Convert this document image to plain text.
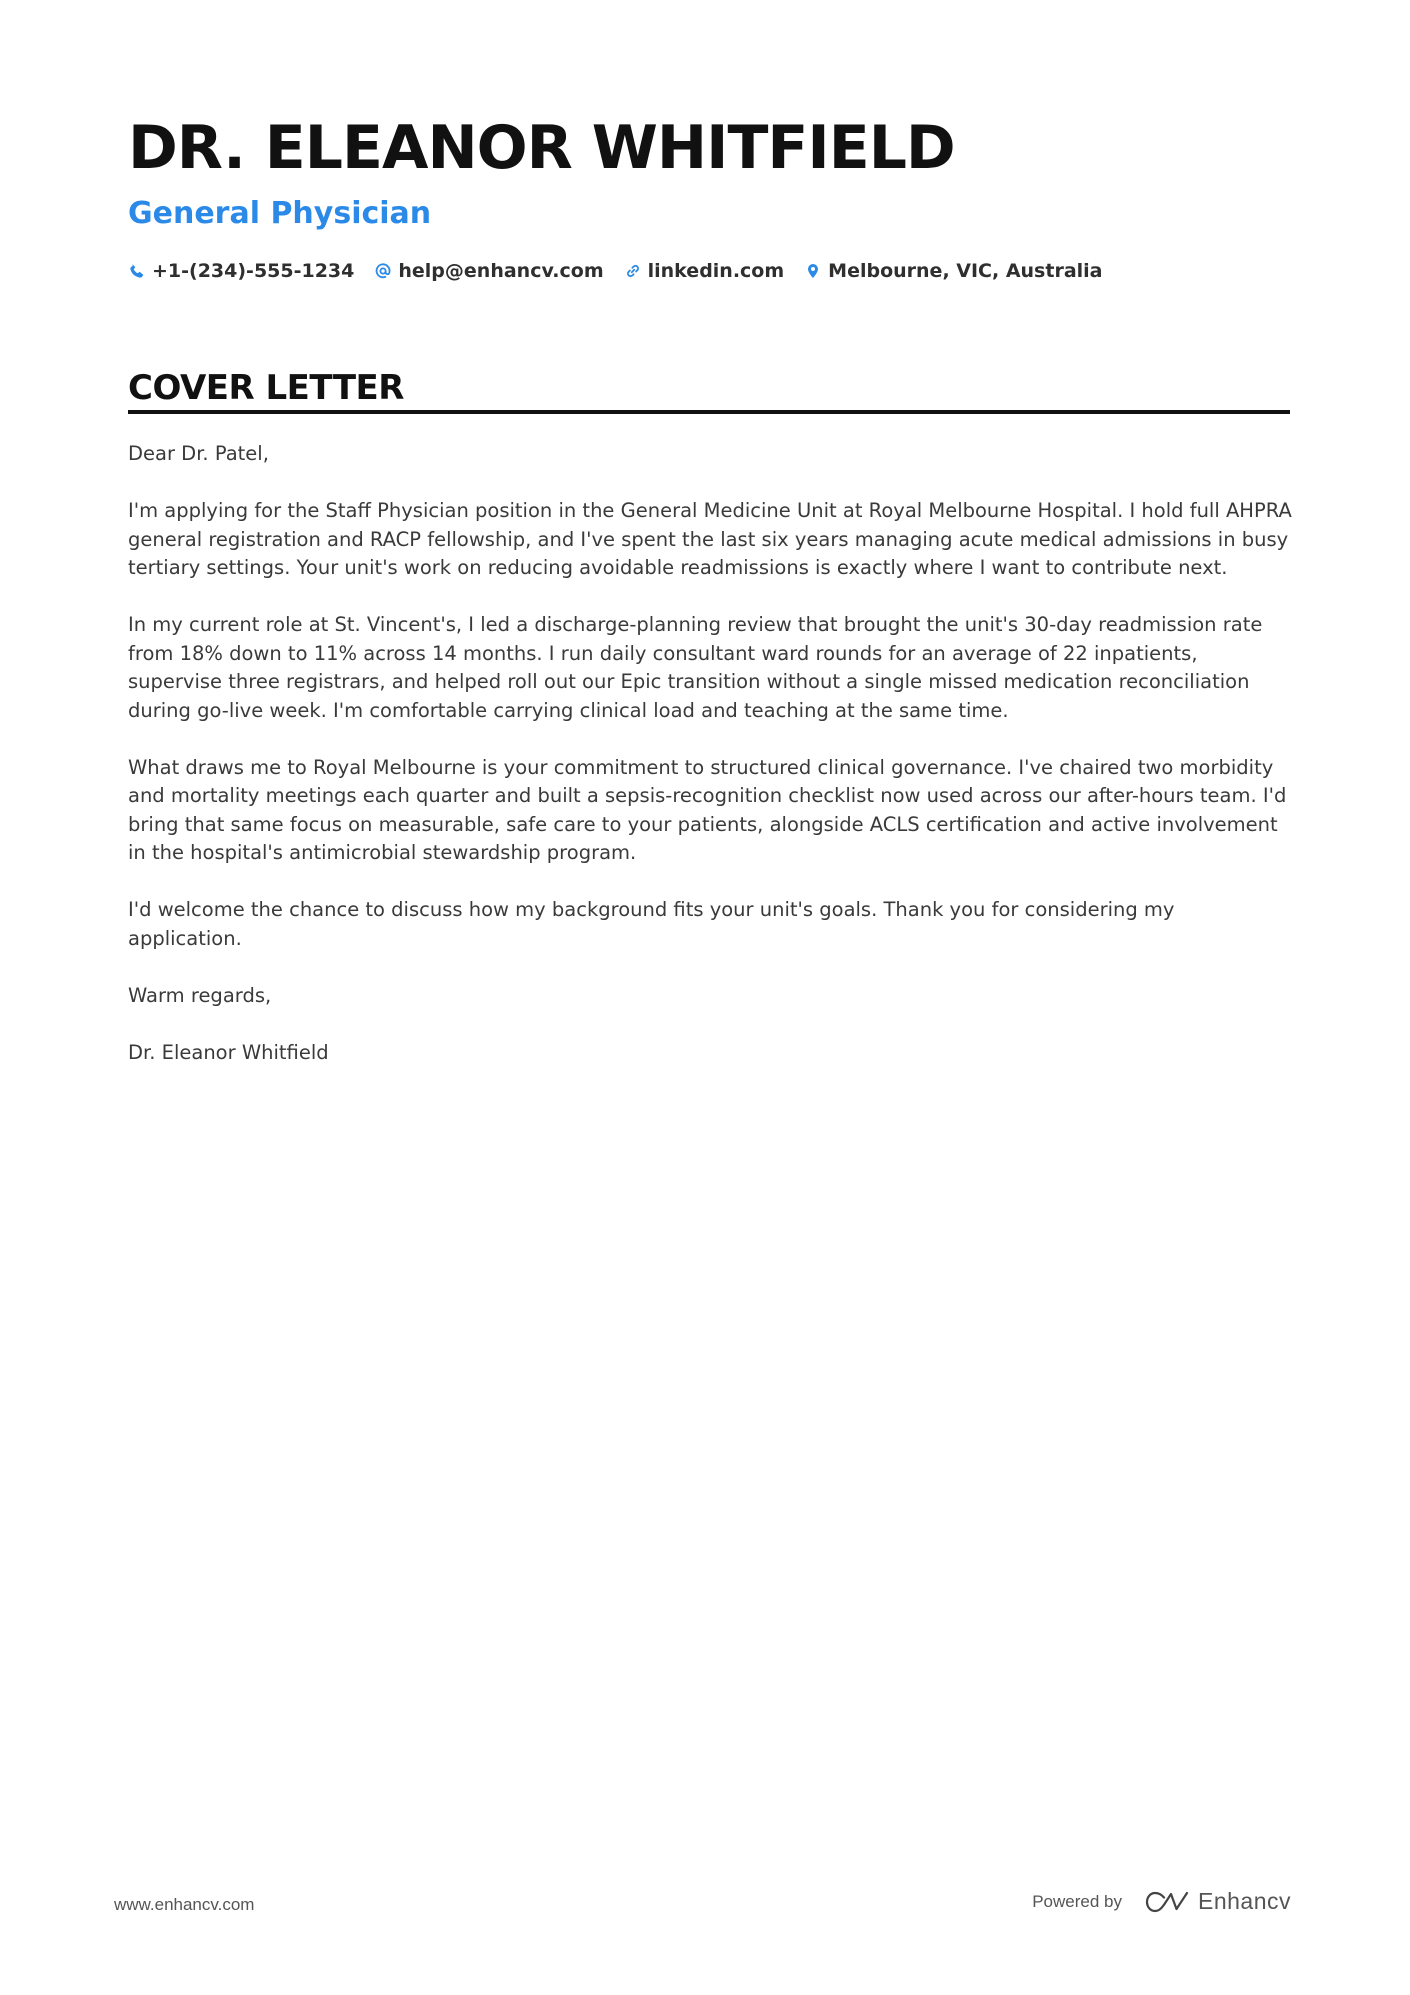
DR. ELEANOR WHITFIELD
General Physician
+1-(234)-555-1234 help@enhancv.com linkedin.com Melbourne, VIC, Australia
COVER LETTER

Dear Dr. Patel,

I'm applying for the Staff Physician position in the General Medicine Unit at Royal Melbourne Hospital. I hold full AHPRA general registration and RACP fellowship, and I've spent the last six years managing acute medical admissions in busy tertiary settings. Your unit's work on reducing avoidable readmissions is exactly where I want to contribute next.

In my current role at St. Vincent's, I led a discharge-planning review that brought the unit's 30-day readmission rate from 18% down to 11% across 14 months. I run daily consultant ward rounds for an average of 22 inpatients, supervise three registrars, and helped roll out our Epic transition without a single missed medication reconciliation during go-live week. I'm comfortable carrying clinical load and teaching at the same time.

What draws me to Royal Melbourne is your commitment to structured clinical governance. I've chaired two morbidity and mortality meetings each quarter and built a sepsis-recognition checklist now used across our after-hours team. I'd bring that same focus on measurable, safe care to your patients, alongside ACLS certification and active involvement in the hospital's antimicrobial stewardship program.

I'd welcome the chance to discuss how my background fits your unit's goals. Thank you for considering my application.

Warm regards,

Dr. Eleanor Whitfield

www.enhancv.com	Powered by	Enhancv
